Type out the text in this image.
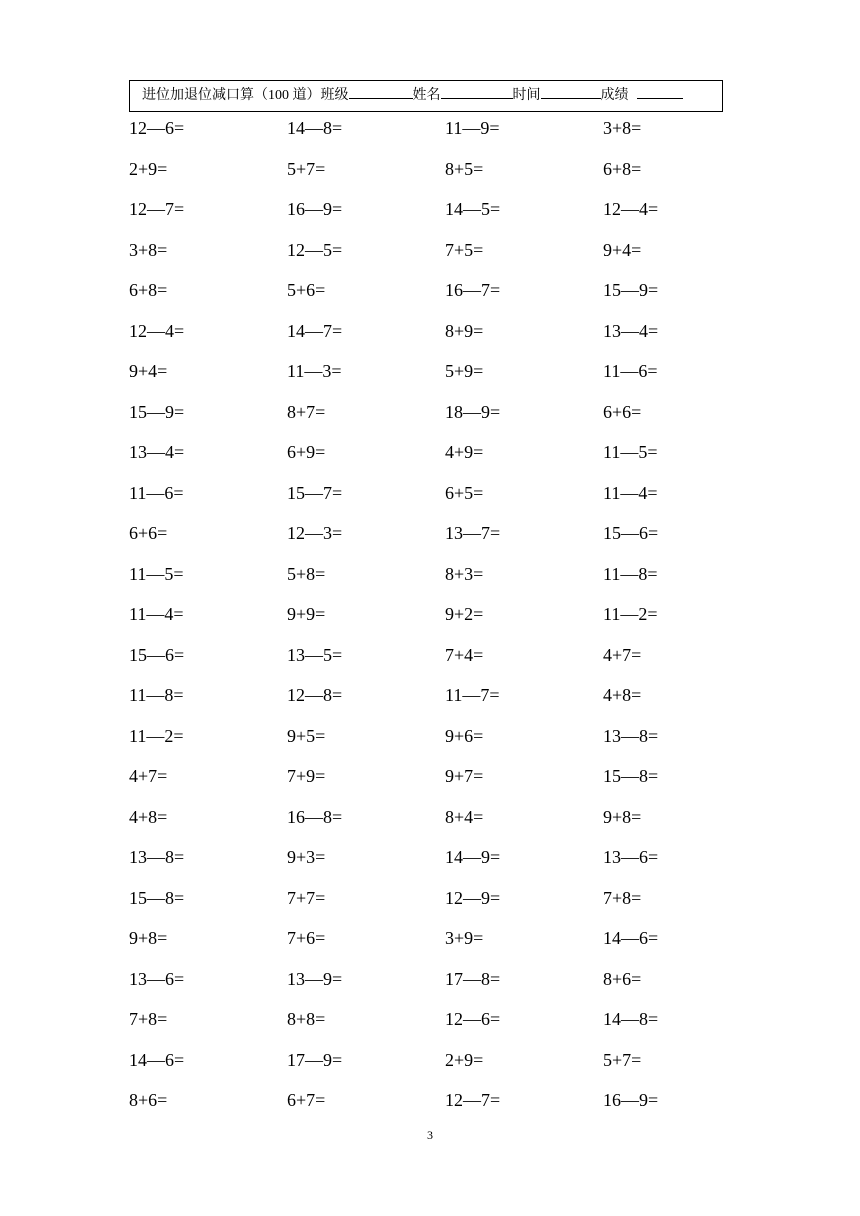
进位加退位减口算（100 道）班级	姓名	时间	成绩
12—6=	14—8=	11—9=	3+8=
2+9=	5+7=	8+5=	6+8=
12—7=	16—9=	14—5=	12—4=
3+8=	12—5=	7+5=	9+4=
6+8=	5+6=	16—7=	15—9=
12—4=	14—7=	8+9=	13—4=
9+4=	11—3=	5+9=	11—6=
15—9=	8+7=	18—9=	6+6=
13—4=	6+9=	4+9=	11—5=
11—6=	15—7=	6+5=	11—4=
6+6=	12—3=	13—7=	15—6=
11—5=	5+8=	8+3=	11—8=
11—4=	9+9=	9+2=	11—2=
15—6=	13—5=	7+4=	4+7=
11—8=	12—8=	11—7=	4+8=
11—2=	9+5=	9+6=	13—8=
4+7=	7+9=	9+7=	15—8=
4+8=	16—8=	8+4=	9+8=
13—8=	9+3=	14—9=	13—6=
15—8=	7+7=	12—9=	7+8=
9+8=	7+6=	3+9=	14—6=
13—6=	13—9=	17—8=	8+6=
7+8=	8+8=	12—6=	14—8=
14—6=	17—9=	2+9=	5+7=
8+6=	6+7=	12—7=	16—9=
3
